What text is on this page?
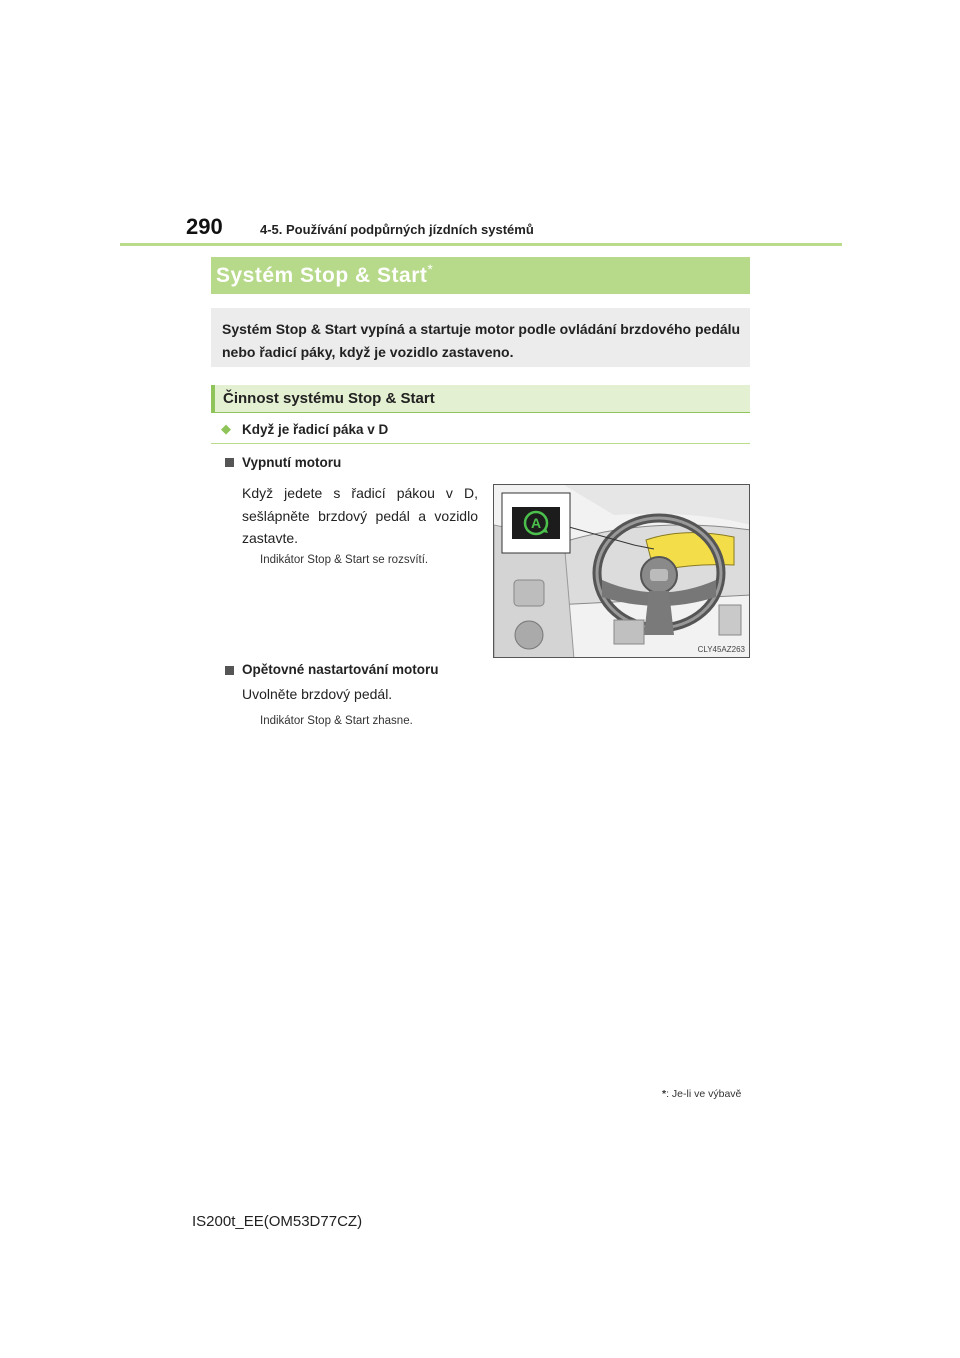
290	4-5. Používání podpůrných jízdních systémů
Systém Stop & Start*
Systém Stop & Start vypíná a startuje motor podle ovládání brzdového pedálu nebo řadicí páky, když je vozidlo zastaveno.
Činnost systému Stop & Start
◆ Když je řadicí páka v D
Vypnutí motoru
Když jedete s řadicí pákou v D, sešlápněte brzdový pedál a vozidlo zastavte.
Indikátor Stop & Start se rozsvítí.
A
CLY45AZ263
Opětovné nastartování motoru
Uvolněte brzdový pedál.
Indikátor Stop & Start zhasne.
*: Je-li ve výbavě
IS200t_EE(OM53D77CZ)
